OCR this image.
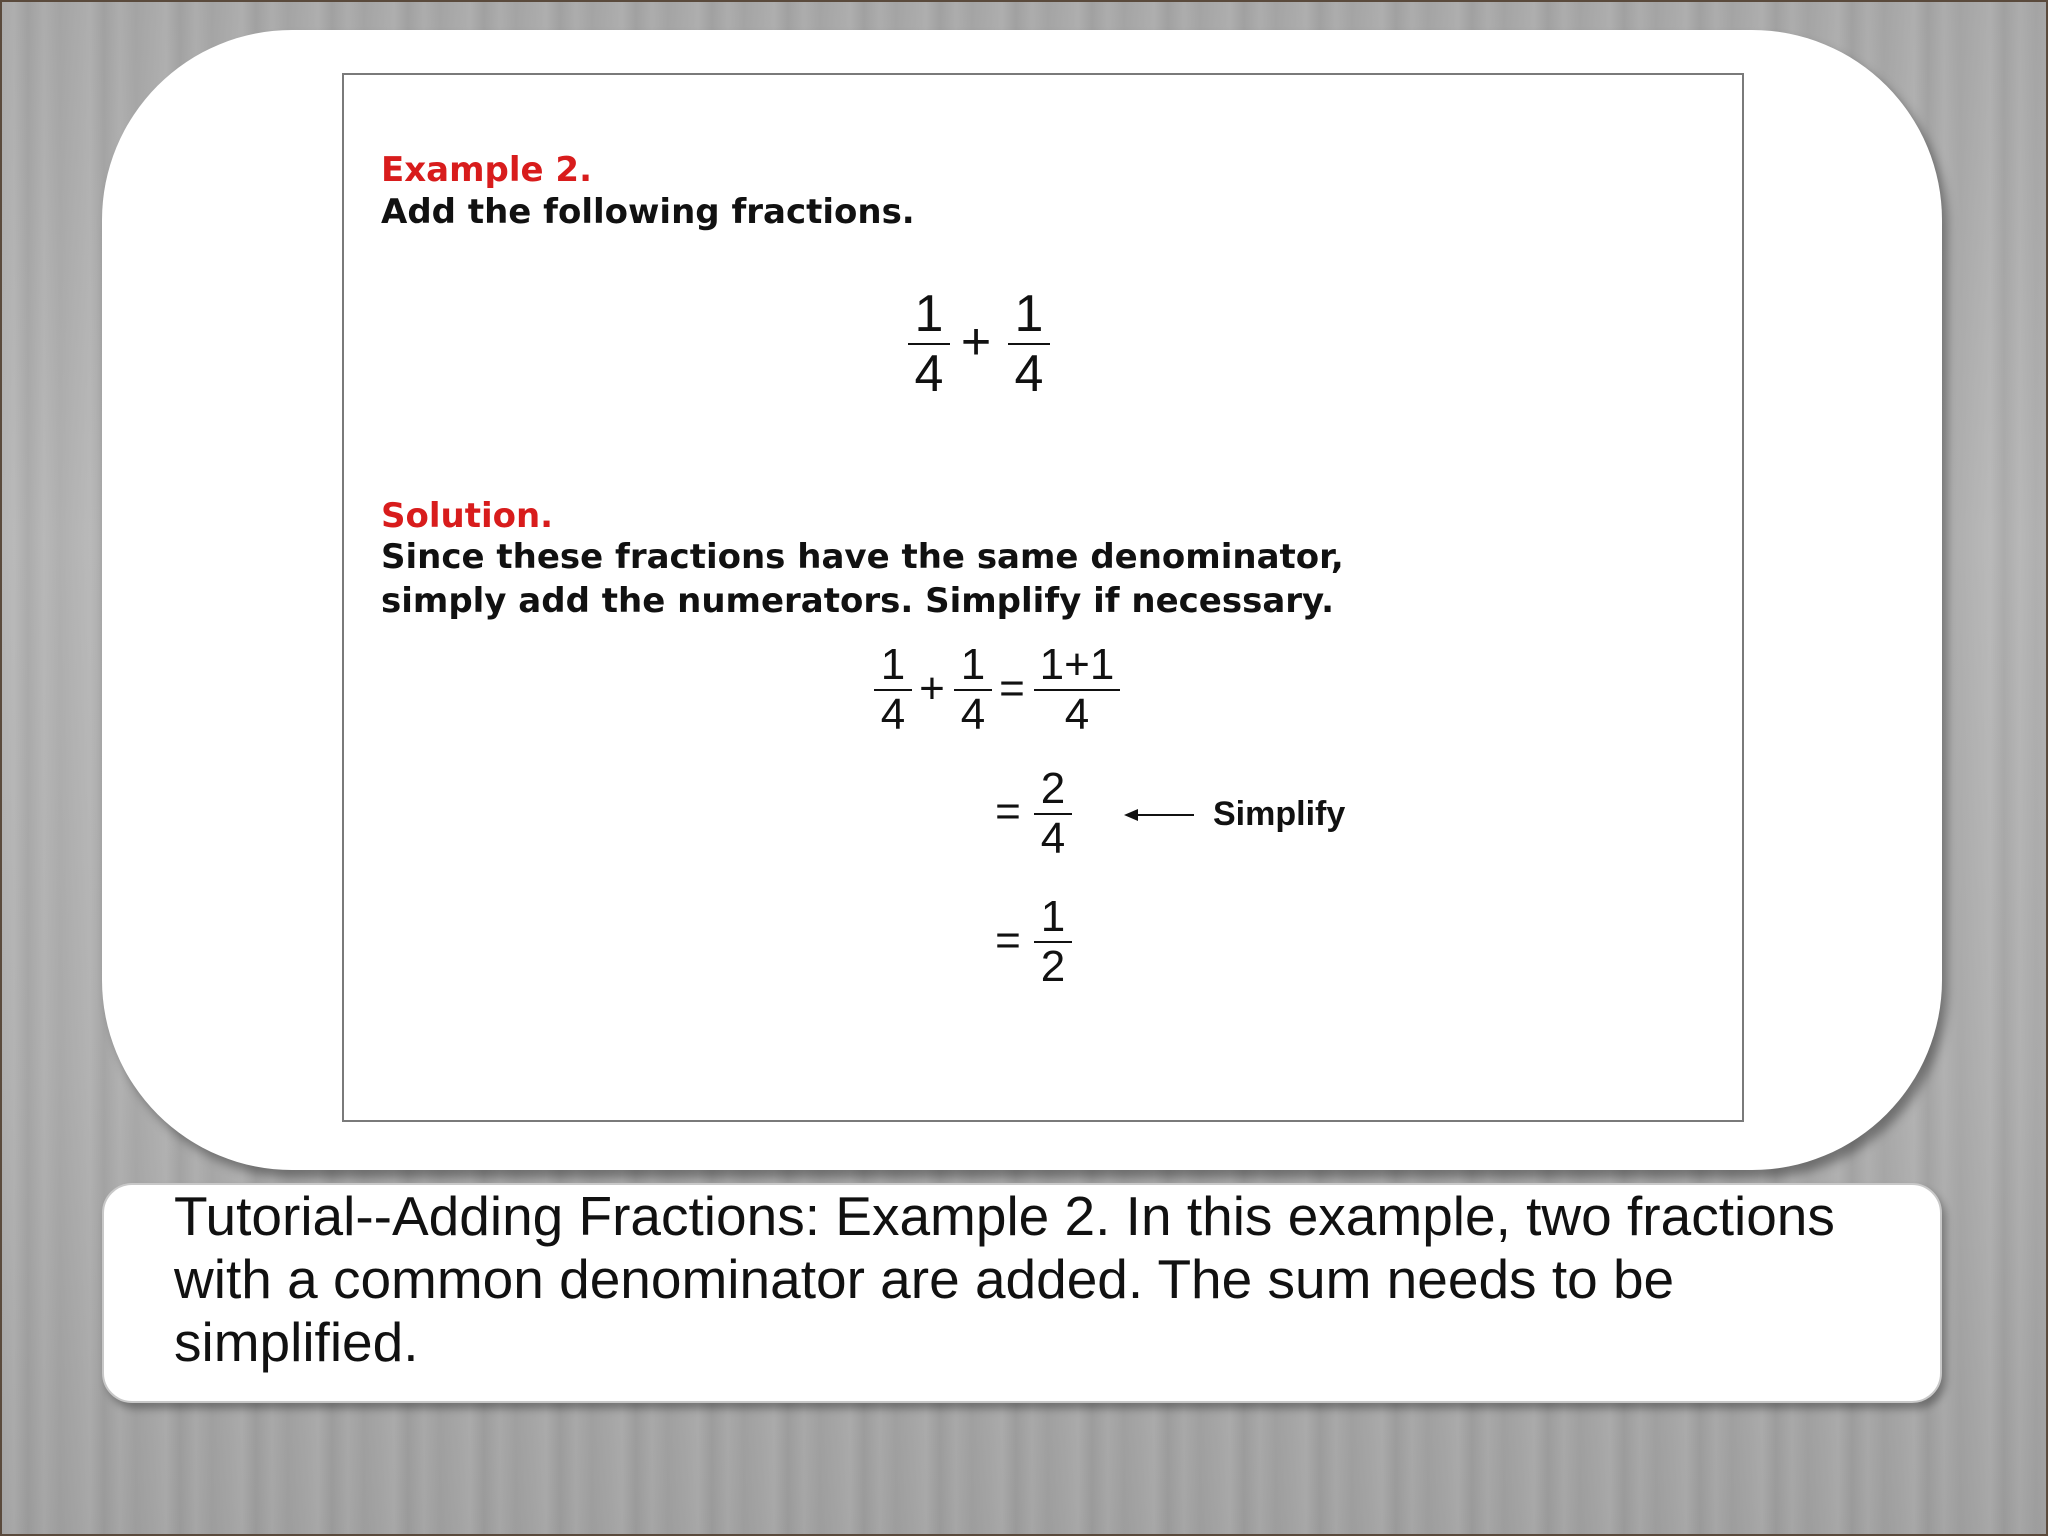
Example 2.
Add the following fractions.
1
4
+ 1
4
Solution.
Since these fractions have the same denominator,
simply add the numerators. Simplify if necessary.
1
4
+ 1
4
= 1+1
4
= 2
4	Simplify
= 1
2
Tutorial--Adding Fractions: Example 2. In this example, two fractions with a common denominator are added. The sum needs to be simplified.
